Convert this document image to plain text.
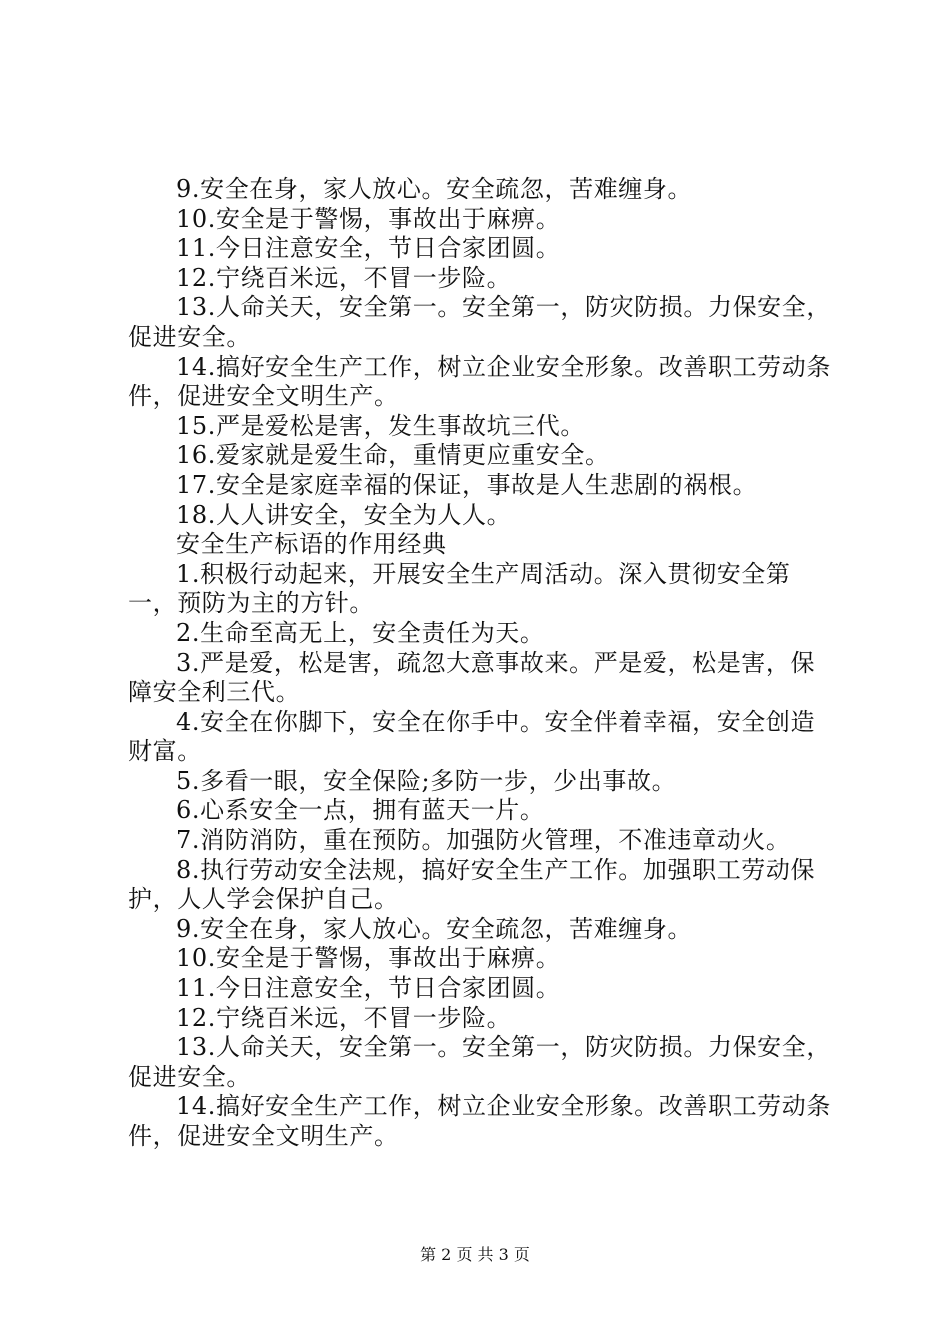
9.安全在身，家人放心。安全疏忽，苦难缠身。

10.安全是于警惕，事故出于麻痹。

11.今日注意安全，节日合家团圆。

12.宁绕百米远，不冒一步险。

13.人命关天，安全第一。安全第一，防灾防损。力保安全，促进安全。

14.搞好安全生产工作，树立企业安全形象。改善职工劳动条件，促进安全文明生产。

15.严是爱松是害，发生事故坑三代。

16.爱家就是爱生命，重情更应重安全。

17.安全是家庭幸福的保证，事故是人生悲剧的祸根。

18.人人讲安全，安全为人人。

安全生产标语的作用经典

1.积极行动起来，开展安全生产周活动。深入贯彻安全第一，预防为主的方针。

2.生命至高无上，安全责任为天。

3.严是爱，松是害，疏忽大意事故来。严是爱，松是害，保障安全利三代。

4.安全在你脚下，安全在你手中。安全伴着幸福，安全创造财富。

5.多看一眼，安全保险;多防一步，少出事故。

6.心系安全一点，拥有蓝天一片。

7.消防消防，重在预防。加强防火管理，不准违章动火。

8.执行劳动安全法规，搞好安全生产工作。加强职工劳动保护，人人学会保护自己。

9.安全在身，家人放心。安全疏忽，苦难缠身。

10.安全是于警惕，事故出于麻痹。

11.今日注意安全，节日合家团圆。

12.宁绕百米远，不冒一步险。

13.人命关天，安全第一。安全第一，防灾防损。力保安全，促进安全。

14.搞好安全生产工作，树立企业安全形象。改善职工劳动条件，促进安全文明生产。

第 2 页 共 3 页
